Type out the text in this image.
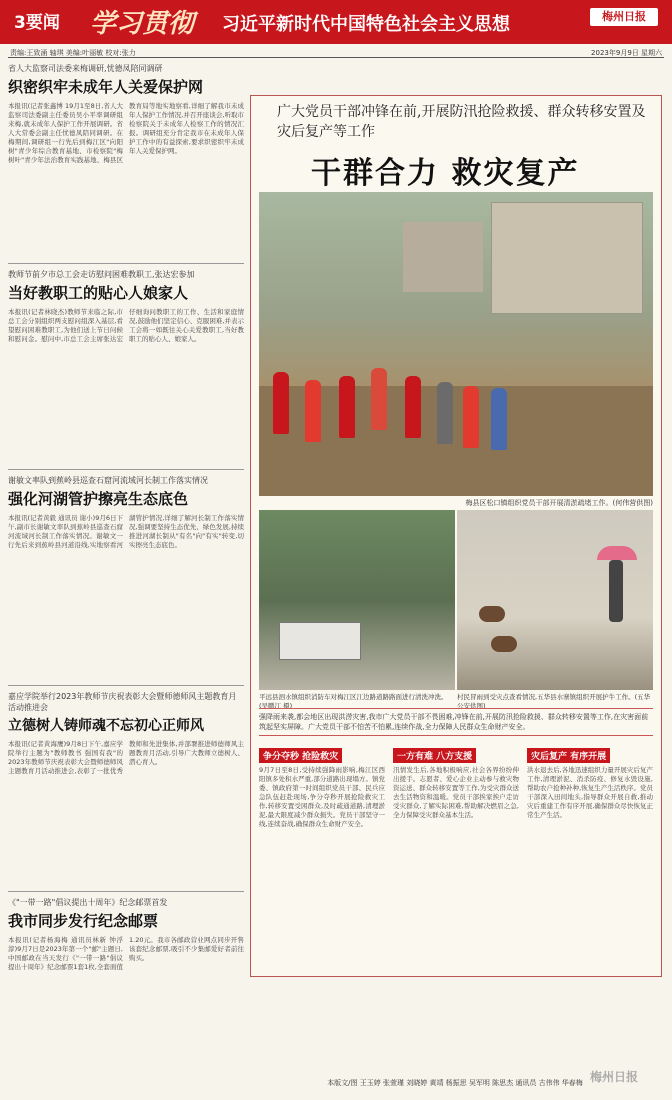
3要闻 学习贯彻 习近平新时代中国特色社会主义思想	梅州日报
责编:王致涌 轴琪 美编:叶丽敏 校对:张力	2023年9月9日 星期六
省人大监察司法委来梅调研,忧德凤陪同调研
织密织牢未成年人关爱保护网
本报讯(记者张鑫博 19月1至8日,省人大监察司法委副主任委员吴小平率调研组来梅,就未成年人保护工作开展调研。省人大常委会副主任忧德凤陪同调研。在梅期间,调研组一行先后到梅江区"向阳树"青少年综合教育基地、市检察院"梅树叶"青少年法治教育实践基地、梅县区教育局等地实地察看,详细了解我市未成年人保护工作情况,并召开座谈会,听取市检察院关于未成年人检察工作的情况汇报。调研组充分肯定我市在未成年人保护工作中的有益探索,要求织密织牢未成年人关爱保护网。
教师节前夕市总工会走访慰问困难教职工,张达宏参加
当好教职工的贴心人娘家人
本报讯(记者林晓杰)教师节来临之际,市总工会分别组织两支慰问组深入基层,看望慰问困难教职工,为他们送上节日问候和慰问金。慰问中,市总工会主席张达宏仔细询问教职工的工作、生活和家庭情况,鼓励他们坚定信心、克服困难,并表示工会将一如既往关心关爱教职工,当好教职工的贴心人、娘家人。
谢敏文率队到蕉岭县巡查石窟河流域河长制工作落实情况
强化河湖管护擦亮生态底色
本报讯(记者黄毅 通讯员 谢小)9月6日下午,副市长谢敏文率队到蕉岭县巡查石窟河流域河长制工作落实情况。谢敏文一行先后来到蕉岭县河道沿线,实地察看河湖管护情况,详细了解河长制工作落实情况,强调要坚持生态优先、绿色发展,持续推进河湖长制从"有名"向"有实"转变,切实擦亮生态底色。
嘉应学院举行2023年教师节庆祝表彰大会暨师德师风主题教育月活动推进会
立德树人铸师魂不忘初心正师风
本报讯(记者黄海鹰)9月8日下午,嘉应学院举行主题为"教师教书 强国有我"的2023年教师节庆祝表彰大会暨师德师风主题教育月活动推进会,表彰了一批优秀教师和先进集体,并部署推进师德师风主题教育月活动,引导广大教师立德树人、潜心育人。
《"一带一路"倡议提出十周年》纪念邮票首发
我市同步发行纪念邮票
本报讯(记者杨海梅 通讯员林新 钟浮淳)9月7日是2023年第一个"邮"主题日,中国邮政在当天发行《"一带一路"倡议提出十周年》纪念邮票1套1枚,全套面值1.20元。我市各邮政营业网点同步开售该套纪念邮票,吸引不少集邮爱好者前往购买。
广大党员干部冲锋在前,开展防汛抢险救援、群众转移安置及灾后复产等工作
干群合力 救灾复产
梅县区松口镇组织党员干部开展清淤疏堵工作。(何伟营供图)
平远县泗水镇组织消防车对梅江区江边路道路路面进行清洗冲洗。(吴鹏江 摄)
村民冒雨到受灾点查看情况,五华县水寨镇组织开展护牛工作。(五华公安供图)
强降雨来袭,都会地区出现洪涝灾害,我市广大党员干部不畏困难,冲锋在前,开展防汛抢险救援、群众转移安置等工作,在灾害面前筑起坚实屏障。广大党员干部不怕苦不怕累,连续作战,全力保障人民群众生命财产安全。
争分夺秒 抢险救灾
9月7日至8日,受持续强降雨影响,梅江区西阳镇多处积水严重,部分道路出现塌方。镇党委、镇政府第一时间组织党员干部、民兵应急队伍赶赴现场,争分夺秒开展抢险救灾工作,转移安置受困群众,及时疏通道路,清理淤泥,最大限度减少群众损失。党员干部坚守一线,连续奋战,确保群众生命财产安全。
一方有难 八方支援
汛情发生后,各地积极响应,社会各界纷纷伸出援手。志愿者、爱心企业主动参与救灾物资运送、群众转移安置等工作,为受灾群众送去生活物资和温暖。党员干部挨家挨户走访受灾群众,了解实际困难,帮助解决燃眉之急,全力保障受灾群众基本生活。
灾后复产 有序开展
洪水退去后,各地迅速组织力量开展灾后复产工作,清理淤泥、消杀防疫、修复水毁设施,帮助农户抢种补种,恢复生产生活秩序。党员干部深入田间地头,指导群众开展自救,推动灾后重建工作有序开展,确保群众尽快恢复正常生产生活。
本版文/图 王玉婷 张萱瑾 刘晓婷 黄靖 杨振思 吴军明 陈思杰 通讯员 古伟伟 华春梅 梅州日报
